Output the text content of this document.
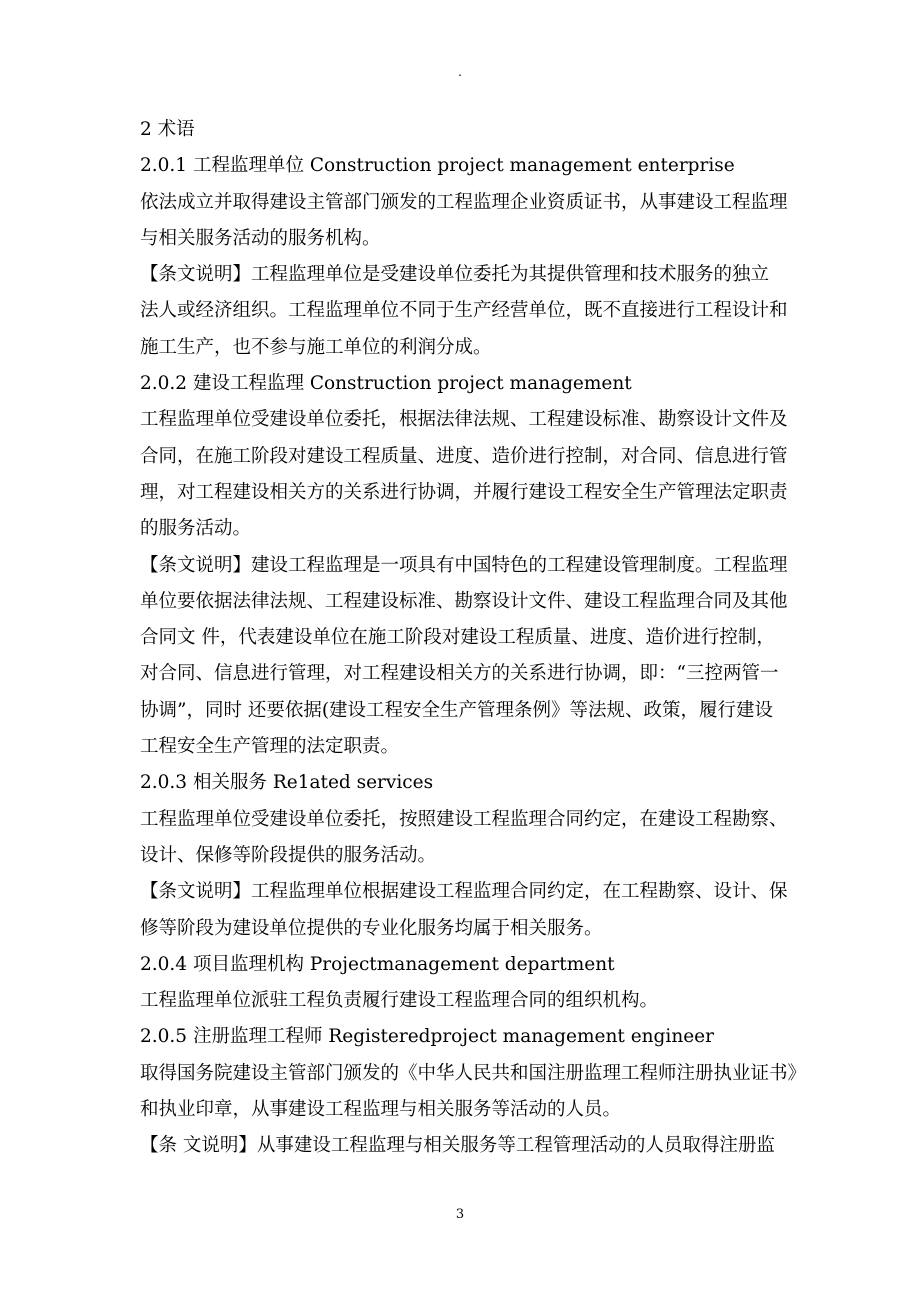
.
2 术语
2.0.1 工程监理单位 Construction project management enterprise
依法成立并取得建设主管部门颁发的工程监理企业资质证书，从事建设工程监理
与相关服务活动的服务机构。
【条文说明】工程监理单位是受建设单位委托为其提供管理和技术服务的独立
法人或经济组织。工程监理单位不同于生产经营单位，既不直接进行工程设计和
施工生产，也不参与施工单位的利润分成。
2.0.2 建设工程监理 Construction project management
工程监理单位受建设单位委托，根据法律法规、工程建设标准、勘察设计文件及
合同，在施工阶段对建设工程质量、进度、造价进行控制，对合同、信息进行管
理，对工程建设相关方的关系进行协调，并履行建设工程安全生产管理法定职责
的服务活动。
【条文说明】建设工程监理是一项具有中国特色的工程建设管理制度。工程监理
单位要依据法律法规、工程建设标准、勘察设计文件、建设工程监理合同及其他
合同文 件，代表建设单位在施工阶段对建设工程质量、进度、造价进行控制，
对合同、信息进行管理，对工程建设相关方的关系进行协调，即：“三控两管一
协调”，同时 还要依据(建设工程安全生产管理条例》等法规、政策，履行建设
工程安全生产管理的法定职责。
2.0.3 相关服务 Re1ated services
工程监理单位受建设单位委托，按照建设工程监理合同约定，在建设工程勘察、
设计、保修等阶段提供的服务活动。
【条文说明】工程监理单位根据建设工程监理合同约定，在工程勘察、设计、保
修等阶段为建设单位提供的专业化服务均属于相关服务。
2.0.4 项目监理机构 Projectmanagement department
工程监理单位派驻工程负责履行建设工程监理合同的组织机构。
2.0.5 注册监理工程师 Registeredproject management engineer
取得国务院建设主管部门颁发的《中华人民共和国注册监理工程师注册执业证书》
和执业印章，从事建设工程监理与相关服务等活动的人员。
【条 文说明】从事建设工程监理与相关服务等工程管理活动的人员取得注册监
3
